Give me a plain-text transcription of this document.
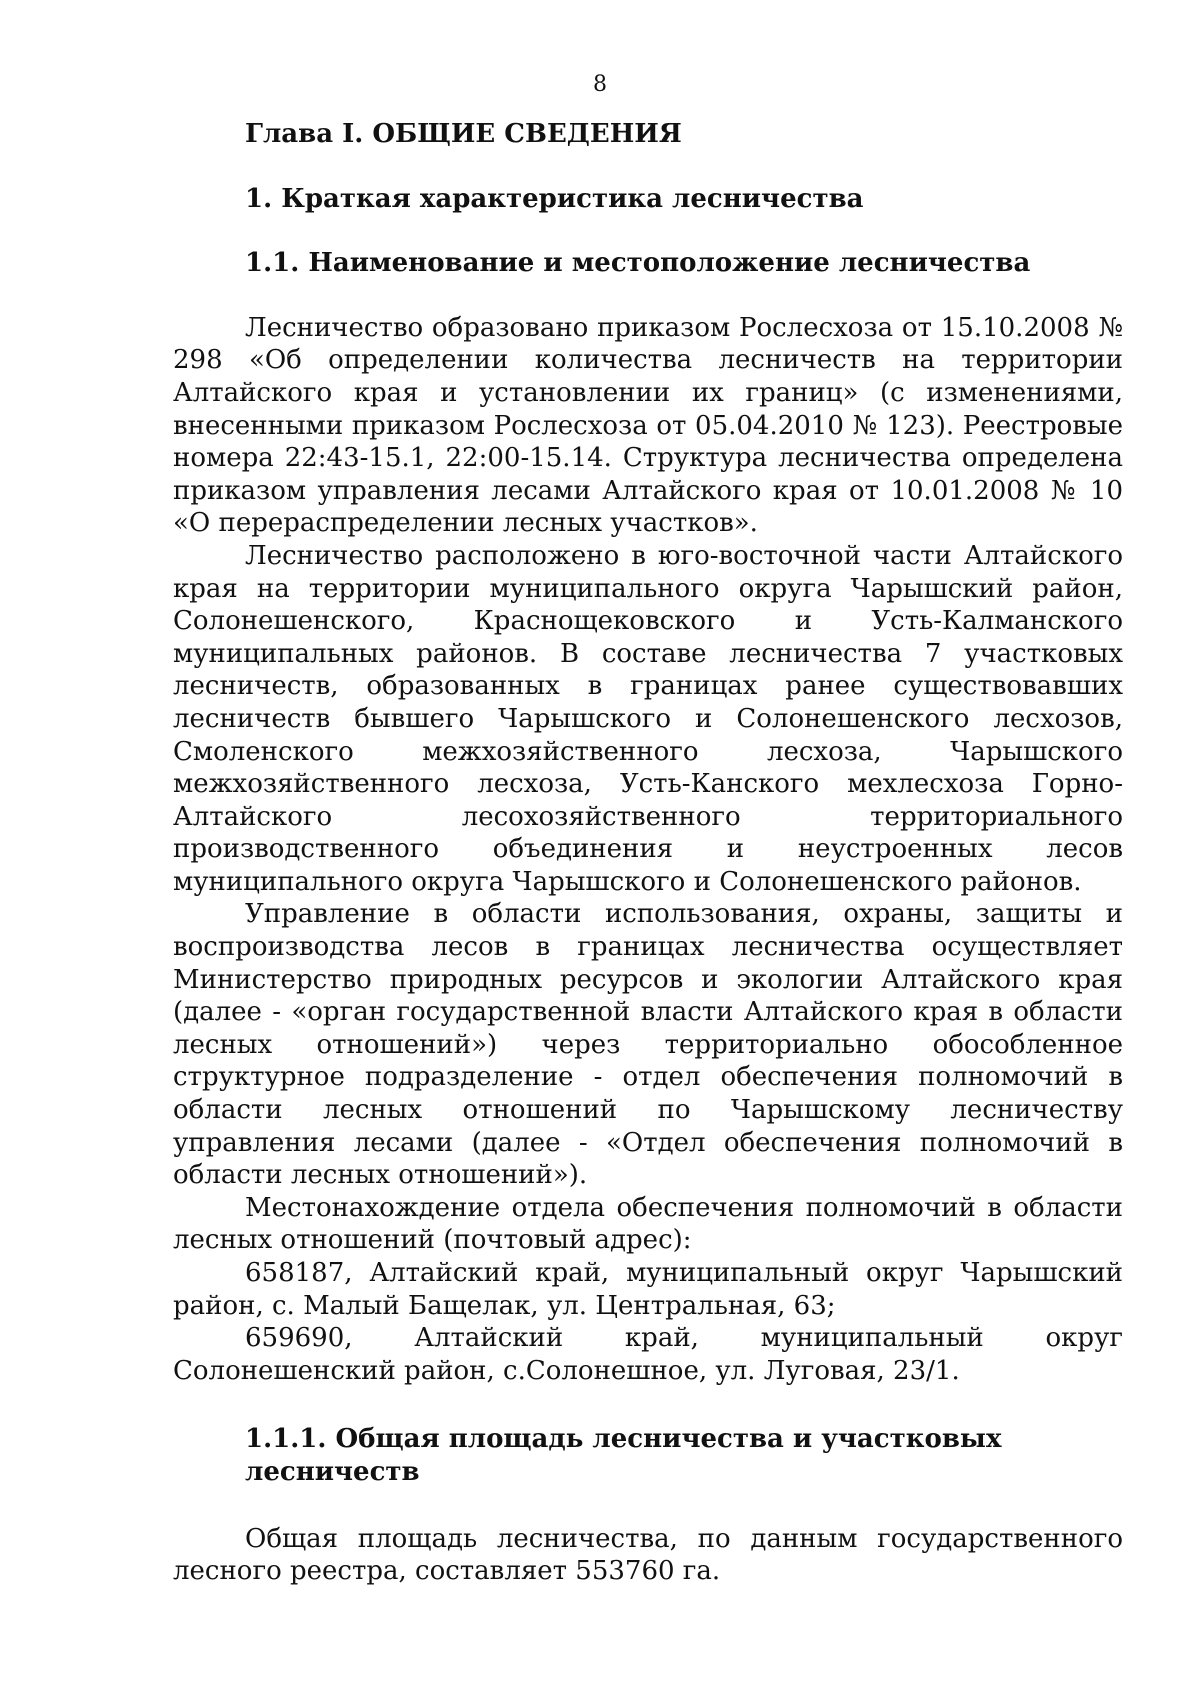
8
Глава I. ОБЩИЕ СВЕДЕНИЯ
1. Краткая характеристика лесничества
1.1. Наименование и местоположение лесничества

Лесничество образовано приказом Рослесхоза от 15.10.2008 № 298 «Об определении количества лесничеств на территории Алтайского края и установлении их границ» (с изменениями, внесенными приказом Рослесхоза от 05.04.2010 № 123). Реестровые номера 22:43-15.1, 22:00-15.14. Структура лесничества определена приказом управления лесами Алтайского края от 10.01.2008 № 10 «О перераспределении лесных участков».

Лесничество расположено в юго-восточной части Алтайского края на территории муниципального округа Чарышский район, Солонешенского, Краснощековского и Усть-Калманского муниципальных районов. В составе лесничества 7 участковых лесничеств, образованных в границах ранее существовавших лесничеств бывшего Чарышского и Солонешенского лесхозов, Смоленского межхозяйственного лесхоза, Чарышского межхозяйственного лесхоза, Усть-Канского мехлесхоза Горно-Алтайского лесохозяйственного территориального производственного объединения и неустроенных лесов муниципального округа Чарышского и Солонешенского районов.

Управление в области использования, охраны, защиты и воспроизводства лесов в границах лесничества осуществляет Министерство природных ресурсов и экологии Алтайского края (далее - «орган государственной власти Алтайского края в области лесных отношений») через территориально обособленное структурное подразделение - отдел обеспечения полномочий в области лесных отношений по Чарышскому лесничеству управления лесами (далее - «Отдел обеспечения полномочий в области лесных отношений»).

Местонахождение отдела обеспечения полномочий в области лесных отношений (почтовый адрес):

658187, Алтайский край, муниципальный округ Чарышский район, с. Малый Бащелак, ул. Центральная, 63;

659690, Алтайский край, муниципальный округ Солонешенский район, с.Солонешное, ул. Луговая, 23/1.

1.1.1. Общая площадь лесничества и участковых лесничеств

Общая площадь лесничества, по данным государственного лесного реестра, составляет 553760 га.
